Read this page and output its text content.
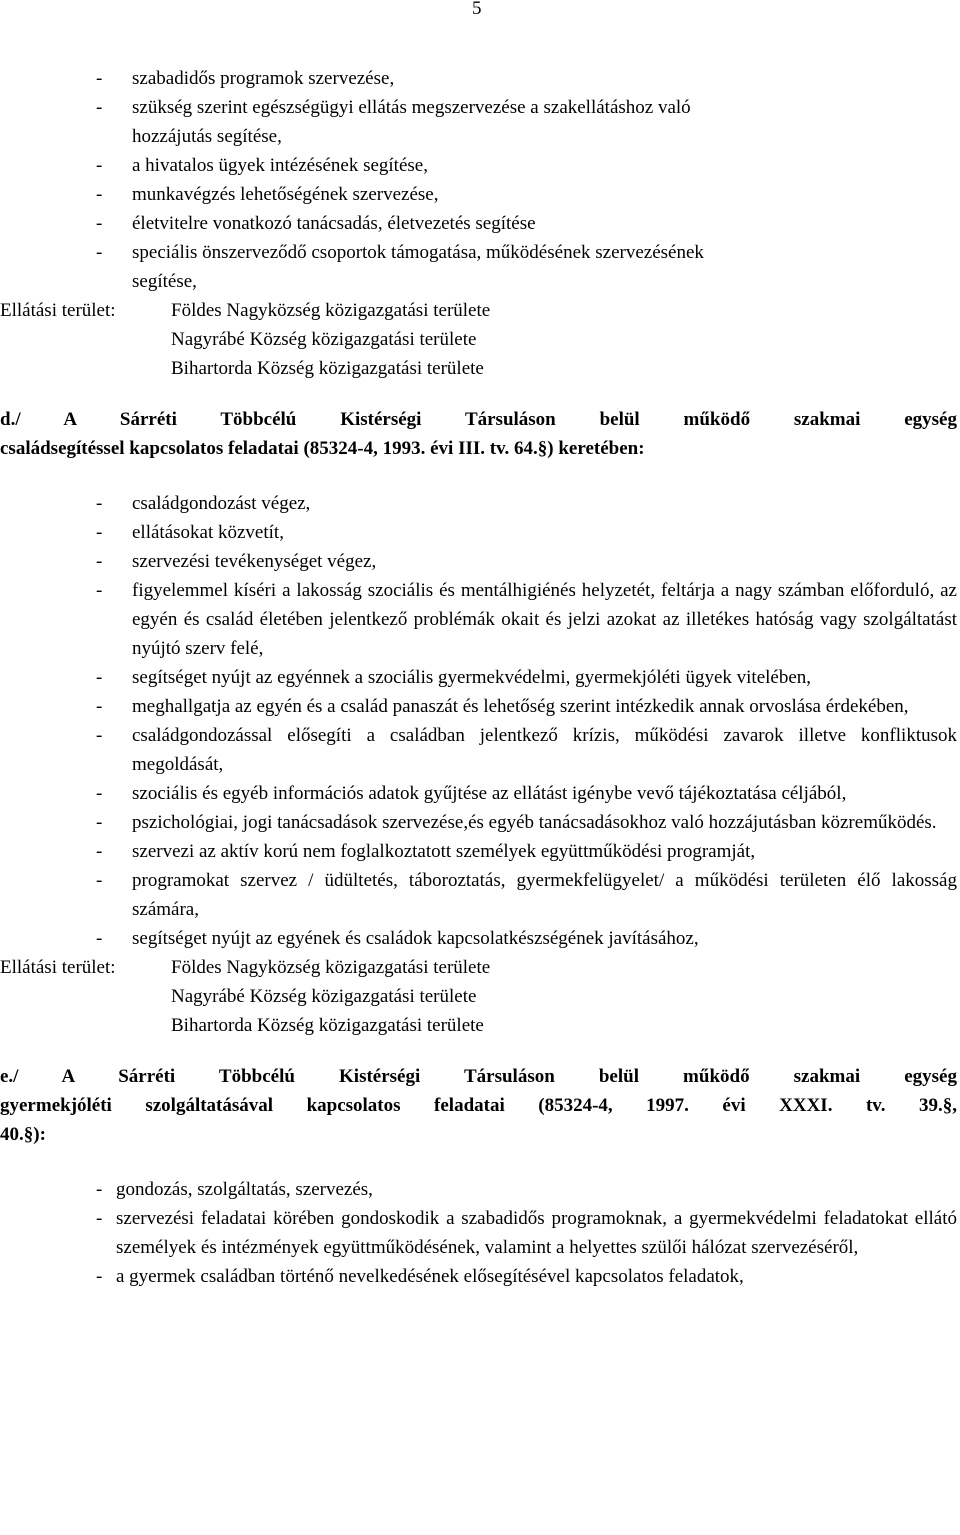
5
-	szabadidős programok szervezése,
-	szükség szerint egészségügyi ellátás megszervezése a szakellátáshoz való
hozzájutás segítése,
-	a hivatalos ügyek intézésének segítése,
-	munkavégzés lehetőségének szervezése,
-	életvitelre vonatkozó tanácsadás, életvezetés segítése
-	speciális önszerveződő csoportok támogatása, működésének szervezésének
segítése,
Ellátási terület:	Földes Nagyközség közigazgatási területe
Nagyrábé Község közigazgatási területe
Bihartorda Község közigazgatási területe
d./ A Sárréti Többcélú Kistérségi Társuláson belül működő szakmai egység
családsegítéssel kapcsolatos feladatai (85324-4, 1993. évi III. tv. 64.§) keretében:
-	családgondozást végez,
-	ellátásokat közvetít,
-	szervezési tevékenységet végez,
-	figyelemmel kíséri a lakosság szociális és mentálhigiénés helyzetét, feltárja a nagy számban előforduló, az egyén és család életében jelentkező problémák okait és jelzi azokat az illetékes hatóság vagy szolgáltatást nyújtó szerv felé,
-	segítséget nyújt az egyénnek a szociális gyermekvédelmi, gyermekjóléti ügyek vitelében,
-	meghallgatja az egyén és a család panaszát és lehetőség szerint intézkedik annak orvoslása érdekében,
-	családgondozással elősegíti a családban jelentkező krízis, működési zavarok illetve konfliktusok megoldását,
-	szociális és egyéb információs adatok gyűjtése az ellátást igénybe vevő tájékoztatása céljából,
-	pszichológiai, jogi tanácsadások szervezése,és egyéb tanácsadásokhoz való hozzájutásban közreműködés.
-	szervezi az aktív korú nem foglalkoztatott személyek együttműködési programját,
-	programokat szervez / üdültetés, táboroztatás, gyermekfelügyelet/ a működési területen élő lakosság számára,
-	segítséget nyújt az egyének és családok kapcsolatkészségének javításához,
Ellátási terület:	Földes Nagyközség közigazgatási területe
Nagyrábé Község közigazgatási területe
Bihartorda Község közigazgatási területe
e./ A Sárréti Többcélú Kistérségi Társuláson belül működő szakmai egység
gyermekjóléti szolgáltatásával kapcsolatos feladatai (85324-4, 1997. évi XXXI. tv. 39.§,
40.§):
- gondozás, szolgáltatás, szervezés,
- szervezési feladatai körében gondoskodik a szabadidős programoknak, a gyermekvédelmi feladatokat ellátó személyek és intézmények együttműködésének, valamint a helyettes szülői hálózat szervezéséről,
- a gyermek családban történő nevelkedésének elősegítésével kapcsolatos feladatok,
